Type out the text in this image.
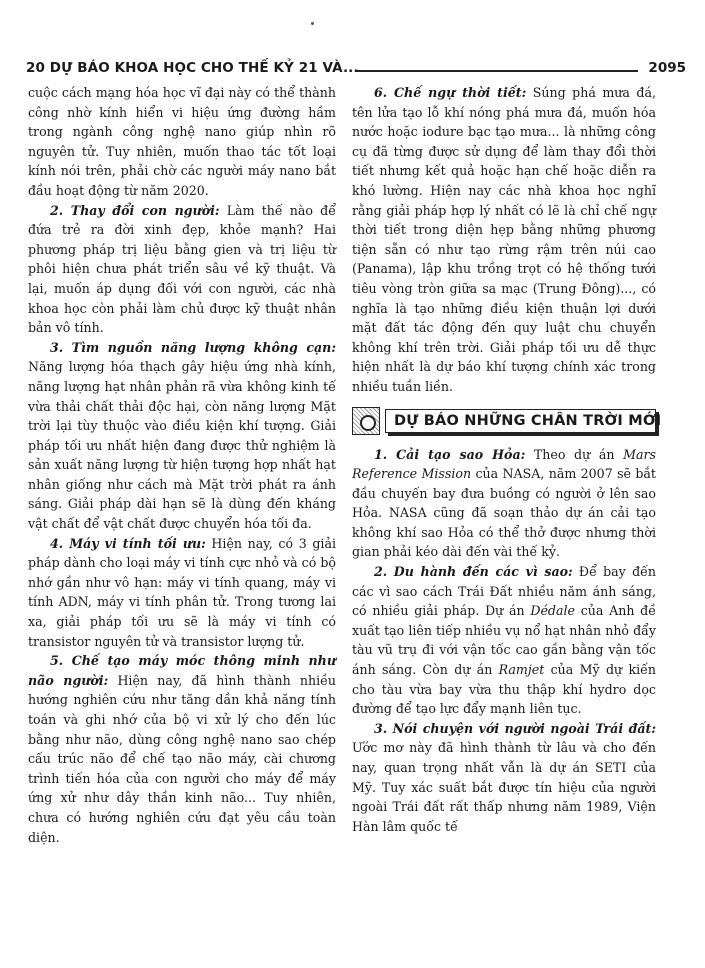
20 DỰ BÁO KHOA HỌC CHO THẾ KỶ 21 VÀ...	2095

cuộc cách mạng hóa học vĩ đại này có thể thành công nhờ kính hiển vi hiệu ứng đường hầm trong ngành công nghệ nano giúp nhìn rõ nguyên tử. Tuy nhiên, muốn thao tác tốt loại kính nói trên, phải chờ các người máy nano bắt đầu hoạt động từ năm 2020.

2. Thay đổi con người: Làm thế nào để đứa trẻ ra đời xinh đẹp, khỏe mạnh? Hai phương pháp trị liệu bằng gien và trị liệu từ phôi hiện chưa phát triển sâu về kỹ thuật. Và lại, muốn áp dụng đối với con người, các nhà khoa học còn phải làm chủ được kỹ thuật nhân bản vô tính.

3. Tìm nguồn năng lượng không cạn: Năng lượng hóa thạch gây hiệu ứng nhà kính, năng lượng hạt nhân phản rã vừa không kinh tế vừa thải chất thải độc hại, còn năng lượng Mặt trời lại tùy thuộc vào điều kiện khí tượng. Giải pháp tối ưu nhất hiện đang được thử nghiệm là sản xuất năng lượng từ hiện tượng hợp nhất hạt nhân giống như cách mà Mặt trời phát ra ánh sáng. Giải pháp dài hạn sẽ là dùng đến kháng vật chất để vật chất được chuyển hóa tối đa.

4. Máy vi tính tối ưu: Hiện nay, có 3 giải pháp dành cho loại máy vi tính cực nhỏ và có bộ nhớ gần như vô hạn: máy vi tính quang, máy vi tính ADN, máy vi tính phân tử. Trong tương lai xa, giải pháp tối ưu sẽ là máy vi tính có transistor nguyên tử và transistor lượng tử.

5. Chế tạo máy móc thông minh như não người: Hiện nay, đã hình thành nhiều hướng nghiên cứu như tăng dần khả năng tính toán và ghi nhớ của bộ vi xử lý cho đến lúc bằng như não, dùng công nghệ nano sao chép cấu trúc não để chế tạo não máy, cài chương trình tiến hóa của con người cho máy để máy ứng xử như dây thần kinh não... Tuy nhiên, chưa có hướng nghiên cứu đạt yêu cầu toàn diện.

6. Chế ngự thời tiết: Súng phá mưa đá, tên lửa tạo lỗ khí nóng phá mưa đá, muốn hóa nước hoặc iodure bạc tạo mưa... là những công cụ đã từng được sử dụng để làm thay đổi thời tiết nhưng kết quả hoặc hạn chế hoặc diễn ra khó lường. Hiện nay các nhà khoa học nghĩ rằng giải pháp hợp lý nhất có lẽ là chỉ chế ngự thời tiết trong diện hẹp bằng những phương tiện sẵn có như tạo rừng rậm trên núi cao (Panama), lập khu trồng trọt có hệ thống tưới tiêu vòng tròn giữa sa mạc (Trung Đông)..., có nghĩa là tạo những điều kiện thuận lợi dưới mặt đất tác động đến quy luật chu chuyển không khí trên trời. Giải pháp tối ưu dễ thực hiện nhất là dự báo khí tượng chính xác trong nhiều tuần liền.

DỰ BÁO NHỮNG CHÂN TRỜI MỚI

1. Cải tạo sao Hỏa: Theo dự án Mars Reference Mission của NASA, năm 2007 sẽ bắt đầu chuyến bay đưa buồng có người ở lên sao Hỏa. NASA cũng đã soạn thảo dự án cải tạo không khí sao Hỏa có thể thở được nhưng thời gian phải kéo dài đến vài thế kỷ.

2. Du hành đến các vì sao: Để bay đến các vì sao cách Trái Đất nhiều năm ánh sáng, có nhiều giải pháp. Dự án Dédale của Anh đề xuất tạo liên tiếp nhiều vụ nổ hạt nhân nhỏ đẩy tàu vũ trụ đi với vận tốc cao gần bằng vận tốc ánh sáng. Còn dự án Ramjet của Mỹ dự kiến cho tàu vừa bay vừa thu thập khí hydro dọc đường để tạo lực đẩy mạnh liên tục.

3. Nói chuyện với người ngoài Trái đất: Ước mơ này đã hình thành từ lâu và cho đến nay, quan trọng nhất vẫn là dự án SETI của Mỹ. Tuy xác suất bắt được tín hiệu của người ngoài Trái đất rất thấp nhưng năm 1989, Viện Hàn lâm quốc tế
